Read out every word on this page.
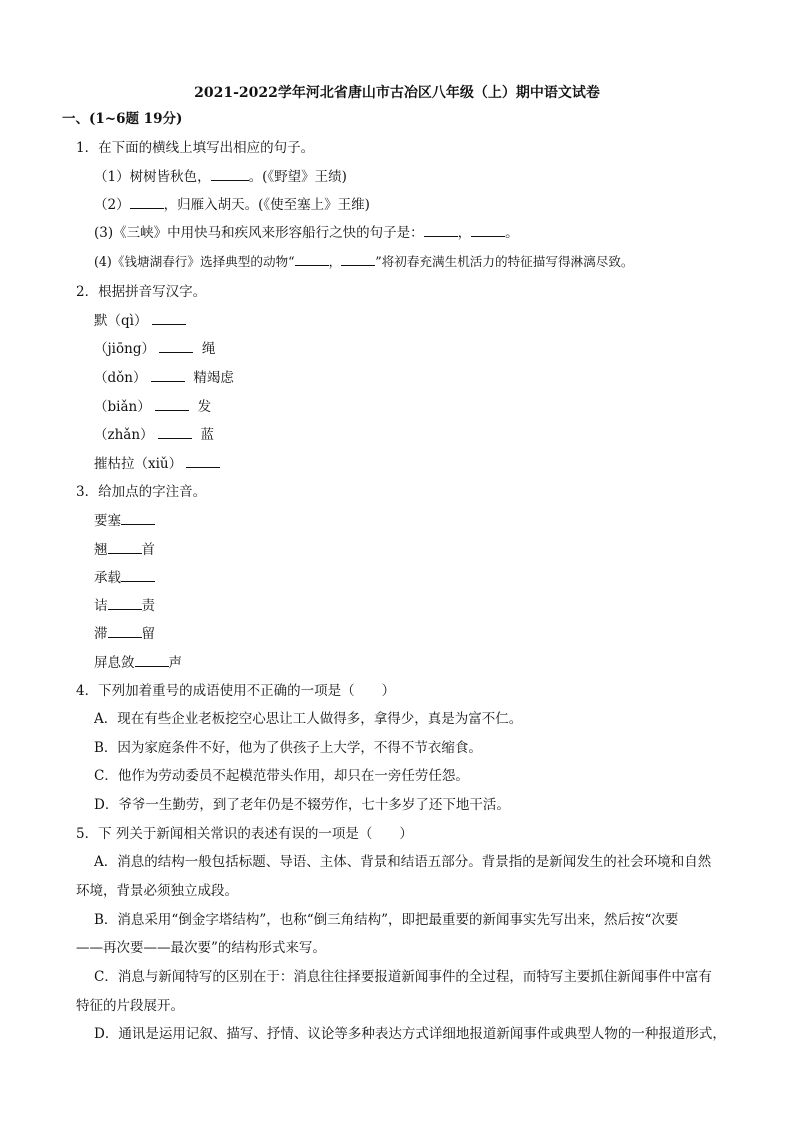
2021-2022学年河北省唐山市古冶区八年级（上）期中语文试卷
一、(1~6题 19分)
1．在下面的横线上填写出相应的句子。
（1）树树皆秋色，	。(《野望》王绩)
（2）	，归雁入胡天。(《使至塞上》王维)
(3)《三峡》中用快马和疾风来形容船行之快的句子是：	，	。
(4)《钱塘湖春行》选择典型的动物“	，	”将初春充满生机活力的特征描写得淋漓尽致。
2．根据拼音写汉字。
默（qì）
（jiōng）	绳
（dǒn）	精竭虑
（biǎn）	发
（zhǎn）	蓝
摧枯拉（xiǔ）
3．给加点的字注音。
要塞
翘	首
承载
诘	责
滞	留
屏息敛	声
4．下列加着重号的成语使用不正确的一项是（　　）
A．现在有些企业老板挖空心思让工人做得多，拿得少，真是为富不仁。
B．因为家庭条件不好，他为了供孩子上大学，不得不节衣缩食。
C．他作为劳动委员不起模范带头作用，却只在一旁任劳任怨。
D．爷爷一生勤劳，到了老年仍是不辍劳作，七十多岁了还下地干活。
5．下 列关于新闻相关常识的表述有误的一项是（　　）
A．消息的结构一般包括标题、导语、主体、背景和结语五部分。背景指的是新闻发生的社会环境和自然
环境，背景必须独立成段。
B．消息采用“倒金字塔结构”，也称“倒三角结构”，即把最重要的新闻事实先写出来，然后按“次要
——再次要——最次要”的结构形式来写。
C．消息与新闻特写的区别在于：消息往往择要报道新闻事件的全过程，而特写主要抓住新闻事件中富有
特征的片段展开。
D．通讯是运用记叙、描写、抒情、议论等多种表达方式详细地报道新闻事件或典型人物的一种报道形式，
